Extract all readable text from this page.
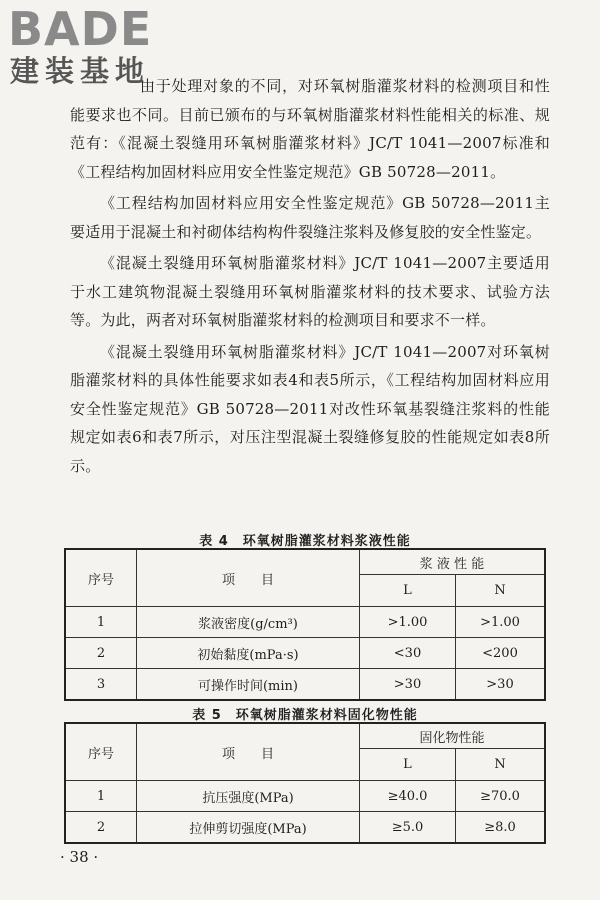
BADE
建装基地

由于处理对象的不同，对环氧树脂灌浆材料的检测项目和性能要求也不同。目前已颁布的与环氧树脂灌浆材料性能相关的标准、规范有：《混凝土裂缝用环氧树脂灌浆材料》JC/T 1041—2007标准和《工程结构加固材料应用安全性鉴定规范》GB 50728—2011。

《工程结构加固材料应用安全性鉴定规范》GB 50728—2011主要适用于混凝土和衬砌体结构构件裂缝注浆料及修复胶的安全性鉴定。

《混凝土裂缝用环氧树脂灌浆材料》JC/T 1041—2007主要适用于水工建筑物混凝土裂缝用环氧树脂灌浆材料的技术要求、试验方法等。为此，两者对环氧树脂灌浆材料的检测项目和要求不一样。

《混凝土裂缝用环氧树脂灌浆材料》JC/T 1041—2007对环氧树脂灌浆材料的具体性能要求如表4和表5所示，《工程结构加固材料应用安全性鉴定规范》GB 50728—2011对改性环氧基裂缝注浆料的性能规定如表6和表7所示，对压注型混凝土裂缝修复胶的性能规定如表8所示。

表 4　环氧树脂灌浆材料浆液性能
序号	项　　目	浆 液 性 能	
		L	N
1	浆液密度(g/cm³)	>1.00	>1.00
2	初始黏度(mPa·s)	<30	<200
3	可操作时间(min)	>30	>30
表 5　环氧树脂灌浆材料固化物性能
序号	项　　目	固化物性能	
		L	N
1	抗压强度(MPa)	≥40.0	≥70.0
2	拉伸剪切强度(MPa)	≥5.0	≥8.0
· 38 ·
